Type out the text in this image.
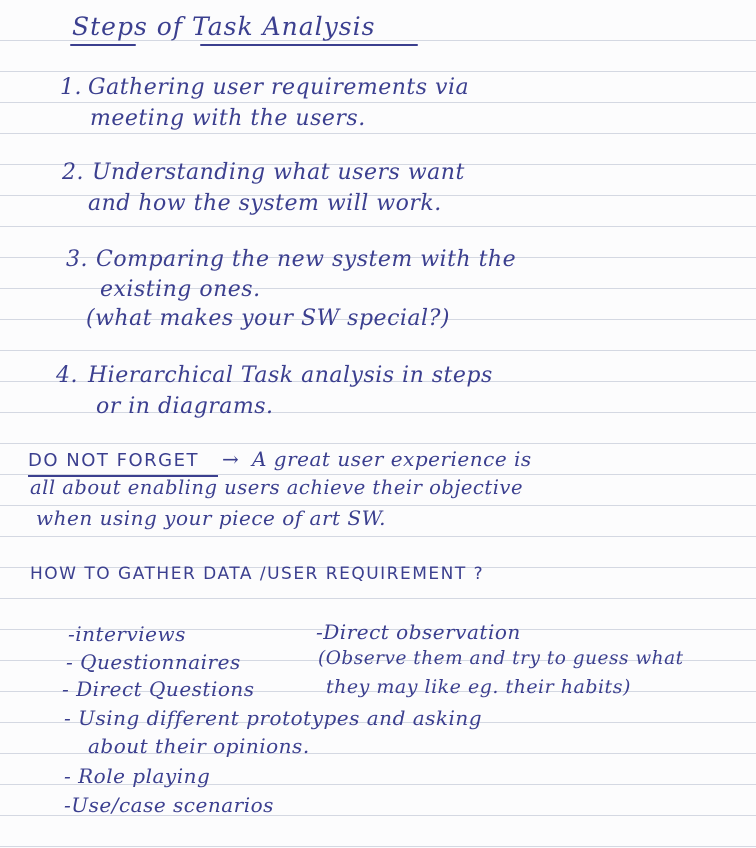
Steps of Task Analysis
1. Gathering user requirements via
meeting with the users.
2. Understanding what users want
and how the system will work.
3. Comparing the new system with the
existing ones.
(what makes your SW special?)
4. Hierarchical Task analysis in steps
or in diagrams.
DO NOT FORGET → A great user experience is
all about enabling users achieve their objective
when using your piece of art SW.
HOW TO GATHER DATA /USER REQUIREMENT ?
-interviews
- Questionnaires
- Direct Questions
-Direct observation
(Observe them and try to guess what
they may like eg. their habits)
- Using different prototypes and asking
about their opinions.
- Role playing
-Use/case scenarios
